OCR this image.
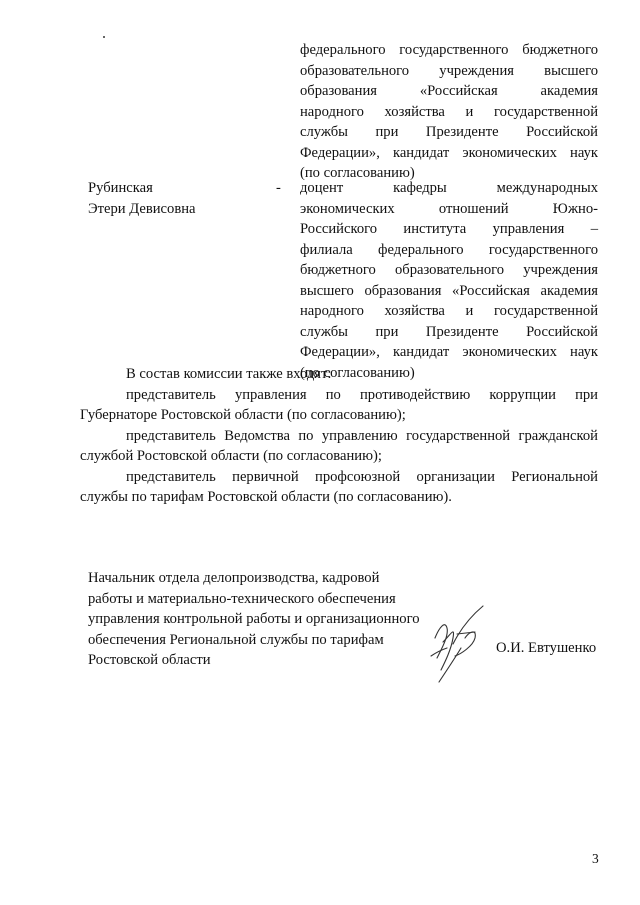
федерального государственного бюджетного
образовательного учреждения высшего
образования «Российская академия
народного хозяйства и государственной
службы при Президенте Российской
Федерации», кандидат экономических наук
(по согласованию)
Рубинская
Этери Девисовна
- доцент кафедры международных
экономических отношений Южно-
Российского института управления –
филиала федерального государственного
бюджетного образовательного учреждения
высшего образования «Российская академия
народного хозяйства и государственной
службы при Президенте Российской
Федерации», кандидат экономических наук
(по согласованию)
В состав комиссии также входят:
представитель управления по противодействию коррупции при Губернаторе Ростовской области (по согласованию);
представитель Ведомства по управлению государственной гражданской службой Ростовской области (по согласованию);
представитель первичной профсоюзной организации Региональной службы по тарифам Ростовской области (по согласованию).
Начальник отдела делопроизводства, кадровой
работы и материально-технического обеспечения
управления контрольной работы и организационного
обеспечения Региональной службы по тарифам
Ростовской области
О.И. Евтушенко
3
